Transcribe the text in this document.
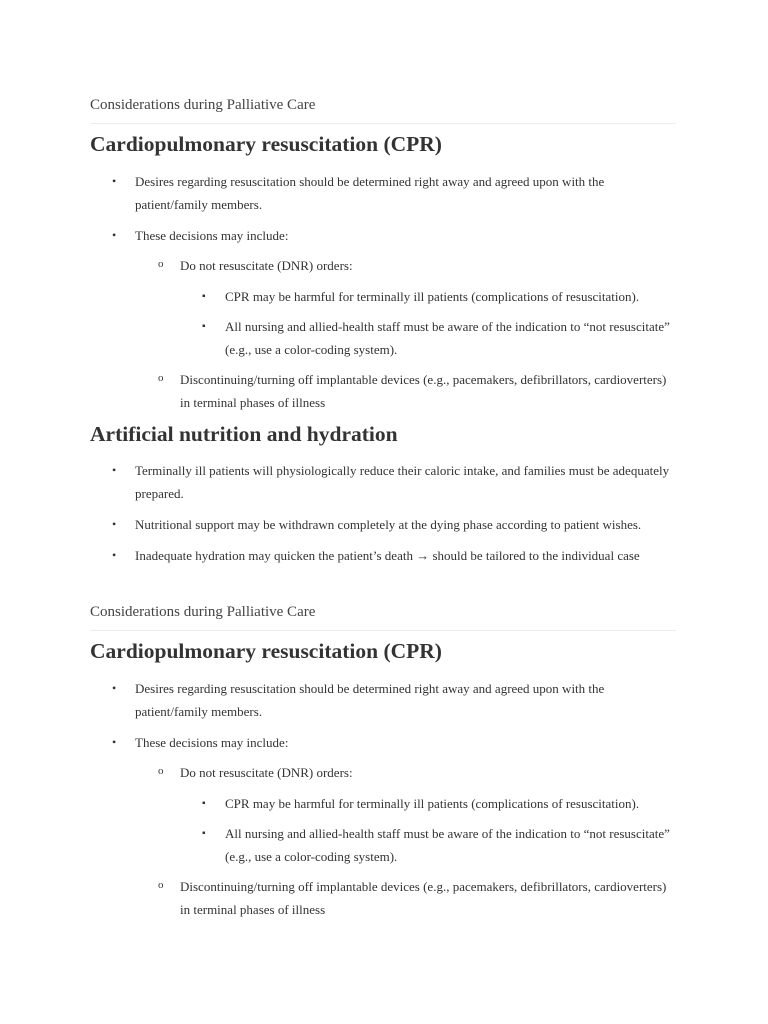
Considerations during Palliative Care

Cardiopulmonary resuscitation (CPR)
• Desires regarding resuscitation should be determined right away and agreed upon with the patient/family members.
• These decisions may include:
o Do not resuscitate (DNR) orders:
▪ CPR may be harmful for terminally ill patients (complications of resuscitation).
▪ All nursing and allied-health staff must be aware of the indication to “not resuscitate” (e.g., use a color-coding system).
o Discontinuing/turning off implantable devices (e.g., pacemakers, defibrillators, cardioverters) in terminal phases of illness
Artificial nutrition and hydration
• Terminally ill patients will physiologically reduce their caloric intake, and families must be adequately prepared.
• Nutritional support may be withdrawn completely at the dying phase according to patient wishes.
• Inadequate hydration may quicken the patient’s death → should be tailored to the individual case

Considerations during Palliative Care

Cardiopulmonary resuscitation (CPR)
• Desires regarding resuscitation should be determined right away and agreed upon with the patient/family members.
• These decisions may include:
o Do not resuscitate (DNR) orders:
▪ CPR may be harmful for terminally ill patients (complications of resuscitation).
▪ All nursing and allied-health staff must be aware of the indication to “not resuscitate” (e.g., use a color-coding system).
o Discontinuing/turning off implantable devices (e.g., pacemakers, defibrillators, cardioverters) in terminal phases of illness
